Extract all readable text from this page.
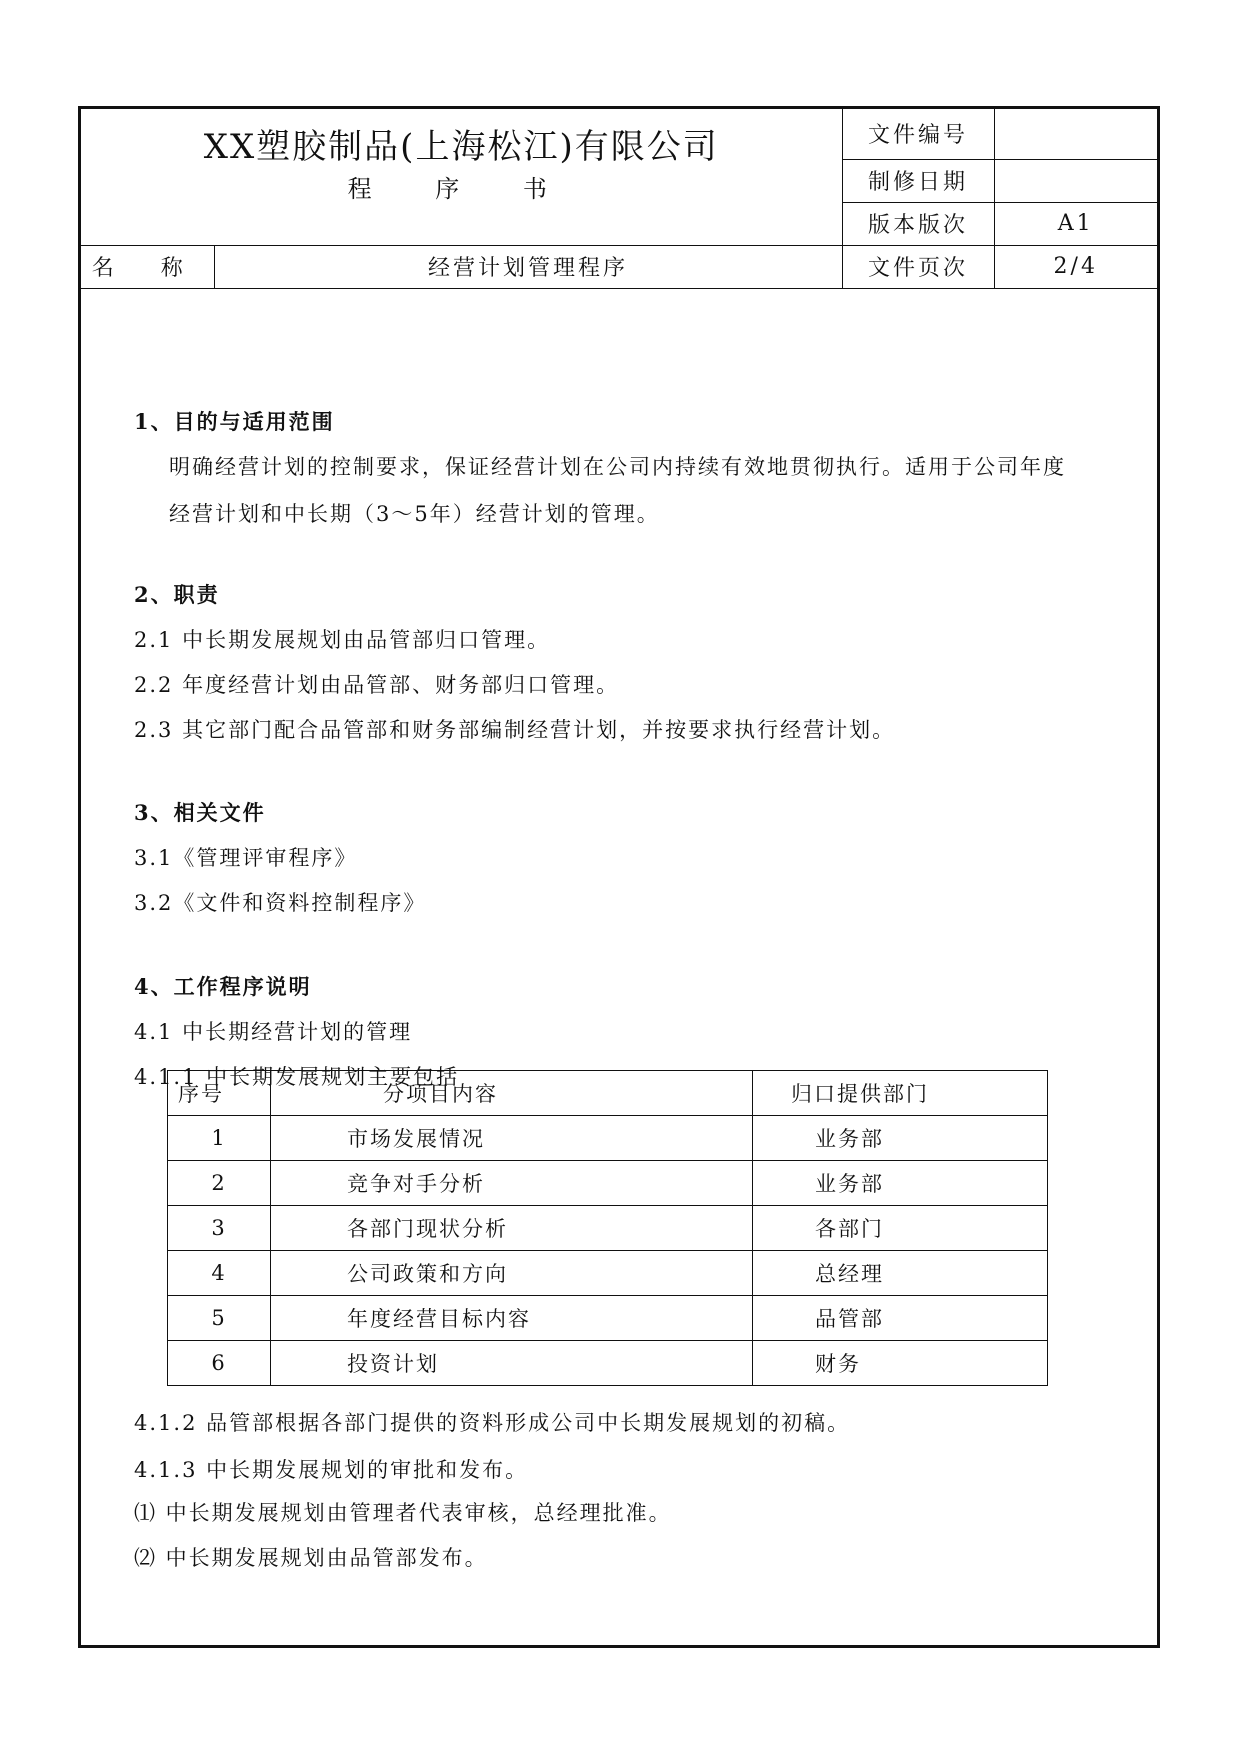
XX塑胶制品(上海松江)有限公司
程 序 书		文件编号	
		制修日期	
		版本版次	A1
名 称	经营计划管理程序	文件页次	2/4
1、目的与适用范围
明确经营计划的控制要求，保证经营计划在公司内持续有效地贯彻执行。适用于公司年度
经营计划和中长期（3～5年）经营计划的管理。
2、职责
2.1 中长期发展规划由品管部归口管理。
2.2 年度经营计划由品管部、财务部归口管理。
2.3 其它部门配合品管部和财务部编制经营计划，并按要求执行经营计划。
3、相关文件
3.1《管理评审程序》
3.2《文件和资料控制程序》
4、工作程序说明
4.1 中长期经营计划的管理
4.1.1 中长期发展规划主要包括
序号	分项目内容	归口提供部门
1	市场发展情况	业务部
2	竞争对手分析	业务部
3	各部门现状分析	各部门
4	公司政策和方向	总经理
5	年度经营目标内容	品管部
6	投资计划	财务
4.1.2 品管部根据各部门提供的资料形成公司中长期发展规划的初稿。
4.1.3 中长期发展规划的审批和发布。
⑴ 中长期发展规划由管理者代表审核，总经理批准。
⑵ 中长期发展规划由品管部发布。
